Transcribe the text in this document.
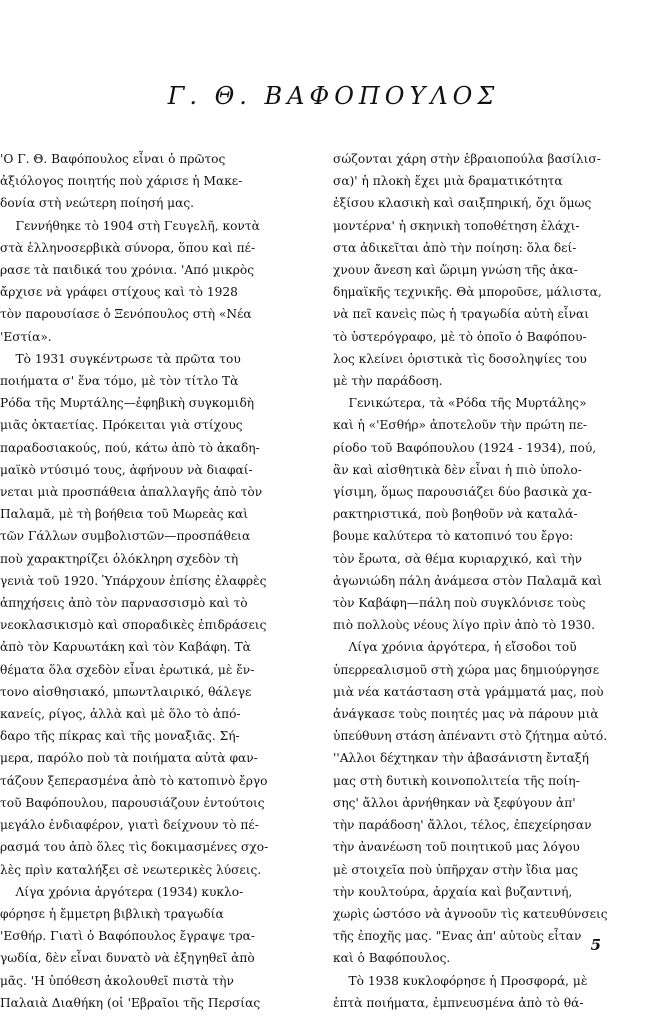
Γ. Θ. ΒΑΦΟΠΟΥΛΟΣ
'Ο Γ. Θ. Βαφόπουλος εἶναι ὁ πρῶτος
ἀξιόλογος ποιητής ποὺ χάρισε ἡ Μακε-
δονία στὴ νεώτερη ποίησή μας.
Γεννήθηκε τὸ 1904 στὴ Γευγελῆ, κοντὰ
στὰ ἑλληνοσερβικὰ σύνορα, ὅπου καὶ πέ-
ρασε τὰ παιδικά του χρόνια. 'Από μικρὸς
ἄρχισε νὰ γράφει στίχους καὶ τὸ 1928
τὸν παρουσίασε ὁ Ξενόπουλος στὴ «Νέα
'Εστία».
Τὸ 1931 συγκέντρωσε τὰ πρῶτα του
ποιήματα σ' ἕνα τόμο, μὲ τὸν τίτλο Τὰ
Ρόδα τῆς Μυρτάλης—ἐφηβικὴ συγκομιδὴ
μιᾶς ὀκταετίας. Πρόκειται γιὰ στίχους
παραδοσιακούς, πού, κάτω ἀπὸ τὸ ἀκαδη-
μαϊκὸ ντύσιμό τους, ἀφήνουν νὰ διαφαί-
νεται μιὰ προσπάθεια ἀπαλλαγῆς ἀπὸ τὸν
Παλαμᾶ, μὲ τὴ βοήθεια τοῦ Μωρεὰς καὶ
τῶν Γάλλων συμβολιστῶν—προσπάθεια
ποὺ χαρακτηρίζει ὁλόκληρη σχεδὸν τὴ
γενιὰ τοῦ 1920. Ὑπάρχουν ἐπίσης ἐλαφρὲς
ἀπηχήσεις ἀπὸ τὸν παρνασσισμὸ καὶ τὸ
νεοκλασικισμὸ καὶ σποραδικὲς ἐπιδράσεις
ἀπὸ τὸν Καρυωτάκη καὶ τὸν Καβάφη. Τὰ
θέματα ὅλα σχεδὸν εἶναι ἐρωτικά, μὲ ἔν-
τονο αἰσθησιακό, μπωντλαιρικό, θάλεγε
κανείς, ρίγος, ἀλλὰ καὶ μὲ ὅλο τὸ ἀπό-
δαρο τῆς πίκρας καὶ τῆς μοναξιᾶς. Σή-
μερα, παρόλο ποὺ τὰ ποιήματα αὐτὰ φαν-
τάζουν ξεπερασμένα ἀπὸ τὸ κατοπινὸ ἔργο
τοῦ Βαφόπουλου, παρουσιάζουν ἐντούτοις
μεγάλο ἐνδιαφέρον, γιατὶ δείχνουν τὸ πέ-
ρασμά του ἀπὸ ὅλες τὶς δοκιμασμένες σχο-
λὲς πρὶν καταλήξει σὲ νεωτερικὲς λύσεις.
Λίγα χρόνια ἀργότερα (1934) κυκλο-
φόρησε ἡ ἔμμετρη βιβλικὴ τραγωδία
'Εσθήρ. Γιατὶ ὁ Βαφόπουλος ἔγραψε τρα-
γωδία, δὲν εἶναι δυνατὸ νὰ ἐξηγηθεῖ ἀπὸ
μᾶς. 'Η ὑπόθεση ἀκολουθεῖ πιστὰ τὴν
Παλαιὰ Διαθήκη (οἱ 'Εβραῖοι τῆς Περσίας
σώζονται χάρη στὴν ἑβραιοπούλα βασίλισ-
σα)' ἡ πλοκὴ ἔχει μιὰ δραματικότητα
ἐξίσου κλασικὴ καὶ σαιξπηρική, ὄχι ὅμως
μοντέρνα' ἡ σκηνικὴ τοποθέτηση ἐλάχι-
στα ἀδικεῖται ἀπὸ τὴν ποίηση: ὅλα δεί-
χνουν ἄνεση καὶ ὥριμη γνώση τῆς ἀκα-
δημαϊκῆς τεχνικῆς. Θὰ μποροῦσε, μάλιστα,
νὰ πεῖ κανεὶς πὼς ἡ τραγωδία αὐτὴ εἶναι
τὸ ὑστερόγραφο, μὲ τὸ ὁποῖο ὁ Βαφόπου-
λος κλείνει ὁριστικὰ τὶς δοσοληψίες του
μὲ τὴν παράδοση.
Γενικώτερα, τὰ «Ρόδα τῆς Μυρτάλης»
καὶ ἡ «'Εσθήρ» ἀποτελοῦν τὴν πρώτη πε-
ρίοδο τοῦ Βαφόπουλου (1924 - 1934), πού,
ἂν καὶ αἰσθητικὰ δὲν εἶναι ἡ πιὸ ὑπολο-
γίσιμη, ὅμως παρουσιάζει δύο βασικὰ χα-
ρακτηριστικά, ποὺ βοηθοῦν νὰ καταλά-
βουμε καλύτερα τὸ κατοπινό του ἔργο:
τὸν ἔρωτα, σὰ θέμα κυριαρχικό, καὶ τὴν
ἀγωνιώδη πάλη ἀνάμεσα στὸν Παλαμᾶ καὶ
τὸν Καβάφη—πάλη ποὺ συγκλόνισε τοὺς
πιὸ πολλοὺς νέους λίγο πρὶν ἀπὸ τὸ 1930.
Λίγα χρόνια ἀργότερα, ἡ εἴσοδοι τοῦ
ὑπερρεαλισμοῦ στὴ χώρα μας δημιούργησε
μιὰ νέα κατάσταση στὰ γράμματά μας, ποὺ
ἀνάγκασε τοὺς ποιητές μας νὰ πάρουν μιὰ
ὑπεύθυνη στάση ἀπέναντι στὸ ζήτημα αὐτό.
''Αλλοι δέχτηκαν τὴν ἀβασάνιστη ἔνταξή
μας στὴ δυτικὴ κοινοπολιτεία τῆς ποίη-
σης' ἄλλοι ἀρνήθηκαν νὰ ξεφύγουν ἀπ'
τὴν παράδοση' ἄλλοι, τέλος, ἐπεχείρησαν
τὴν ἀνανέωση τοῦ ποιητικοῦ μας λόγου
μὲ στοιχεῖα ποὺ ὑπῆρχαν στὴν ἴδια μας
τὴν κουλτούρα, ἀρχαία καὶ βυζαντινή,
χωρὶς ὡστόσο νὰ ἀγνοοῦν τὶς κατευθύνσεις
τῆς ἐποχῆς μας. "Ενας ἀπ' αὐτοὺς εἶταν
καὶ ὁ Βαφόπουλος.
Τὸ 1938 κυκλοφόρησε ἡ Προσφορά, μὲ
ἑπτὰ ποιήματα, ἐμπνευσμένα ἀπὸ τὸ θά-
5
